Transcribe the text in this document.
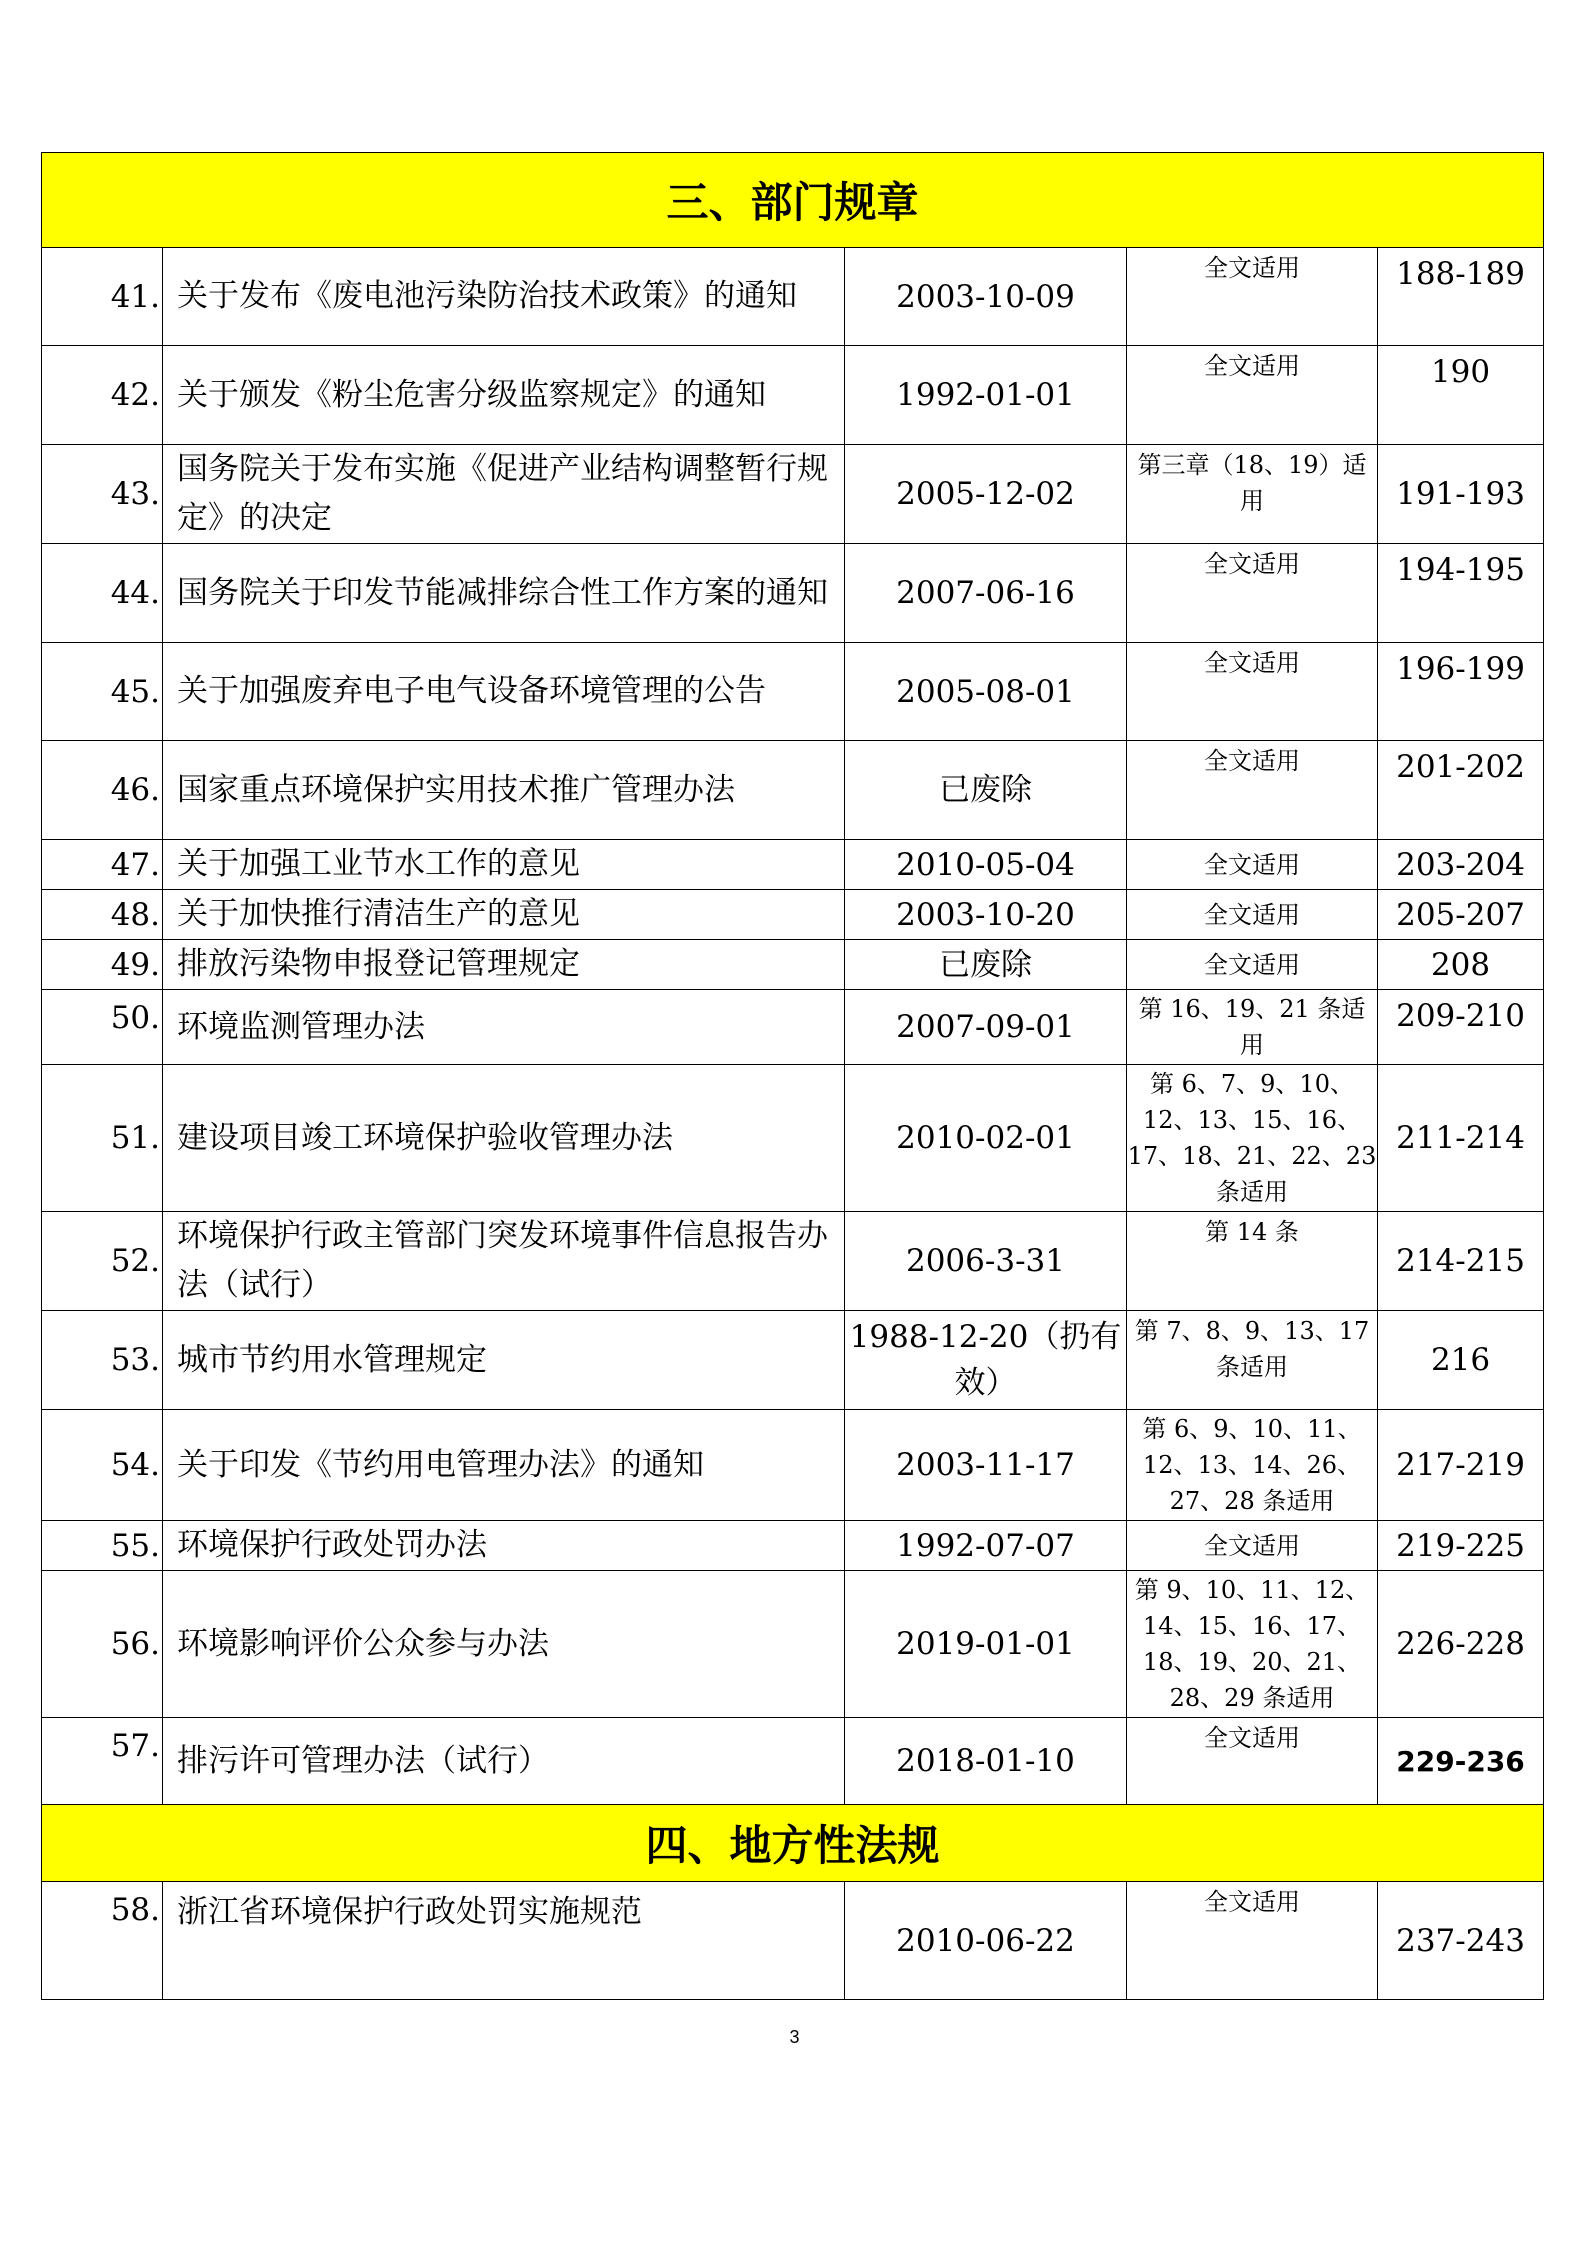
三、部门规章				
41.	关于发布《废电池污染防治技术政策》的通知	2003-10-09	全文适用	188-189
42.	关于颁发《粉尘危害分级监察规定》的通知	1992-01-01	全文适用	190
43.	国务院关于发布实施《促进产业结构调整暂行规定》的决定	2005-12-02	第三章（18、19）适用	191-193
44.	国务院关于印发节能减排综合性工作方案的通知	2007-06-16	全文适用	194-195
45.	关于加强废弃电子电气设备环境管理的公告	2005-08-01	全文适用	196-199
46.	国家重点环境保护实用技术推广管理办法	已废除	全文适用	201-202
47.	关于加强工业节水工作的意见	2010-05-04	全文适用	203-204
48.	关于加快推行清洁生产的意见	2003-10-20	全文适用	205-207
49.	排放污染物申报登记管理规定	已废除	全文适用	208
50.	环境监测管理办法	2007-09-01	第 16、19、21 条适用	209-210
51.	建设项目竣工环境保护验收管理办法	2010-02-01	第 6、7、9、10、12、13、15、16、17、18、21、22、23 条适用	211-214
52.	环境保护行政主管部门突发环境事件信息报告办法（试行）	2006-3-31	第 14 条	214-215
53.	城市节约用水管理规定	1988-12-20（扔有效）	第 7、8、9、13、17 条适用	216
54.	关于印发《节约用电管理办法》的通知	2003-11-17	第 6、9、10、11、12、13、14、26、27、28 条适用	217-219
55.	环境保护行政处罚办法	1992-07-07	全文适用	219-225
56.	环境影响评价公众参与办法	2019-01-01	第 9、10、11、12、14、15、16、17、18、19、20、21、28、29 条适用	226-228
57.	排污许可管理办法（试行）	2018-01-10	全文适用	229-236
四、地方性法规				
58.	浙江省环境保护行政处罚实施规范	2010-06-22	全文适用	237-243
3
